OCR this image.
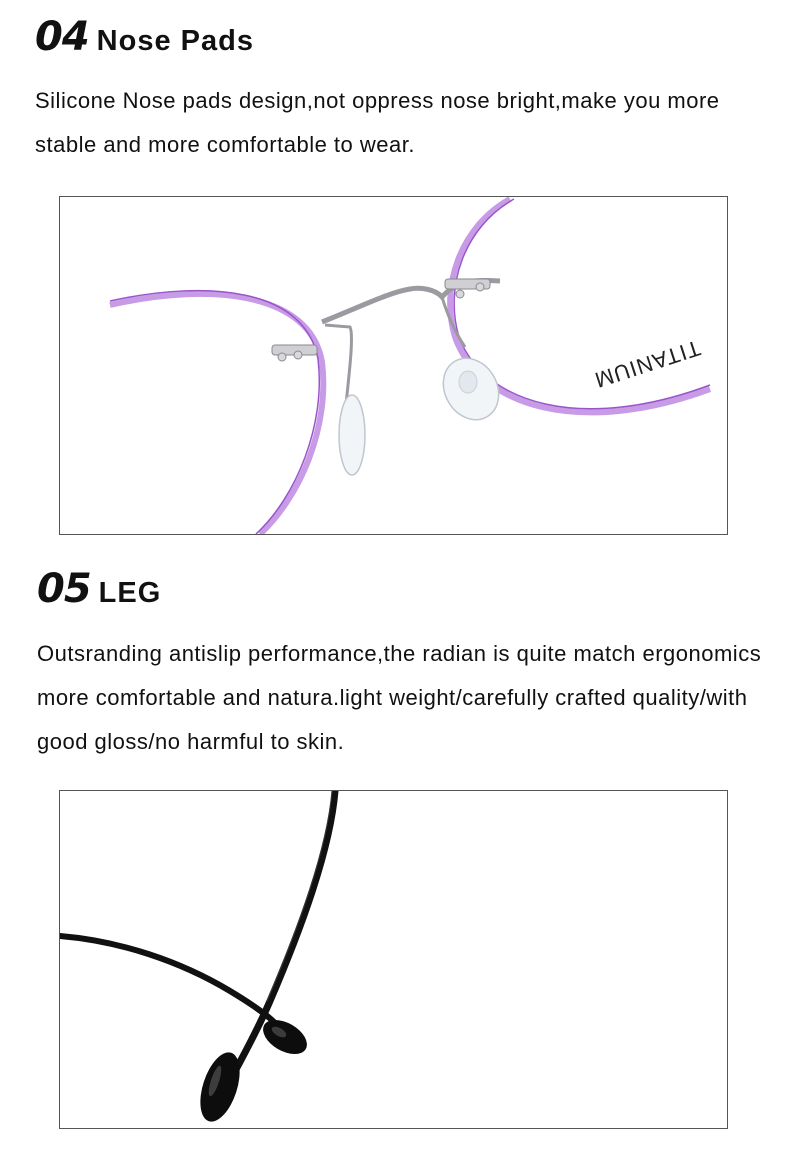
04 Nose Pads

Silicone Nose pads design,not oppress nose bright,make you more stable and more comfortable to wear.

TITANIUM
05 LEG

Outsranding antislip performance,the radian is quite match ergonomics more comfortable and natura.light weight/carefully crafted quality/with good gloss/no harmful to skin.
